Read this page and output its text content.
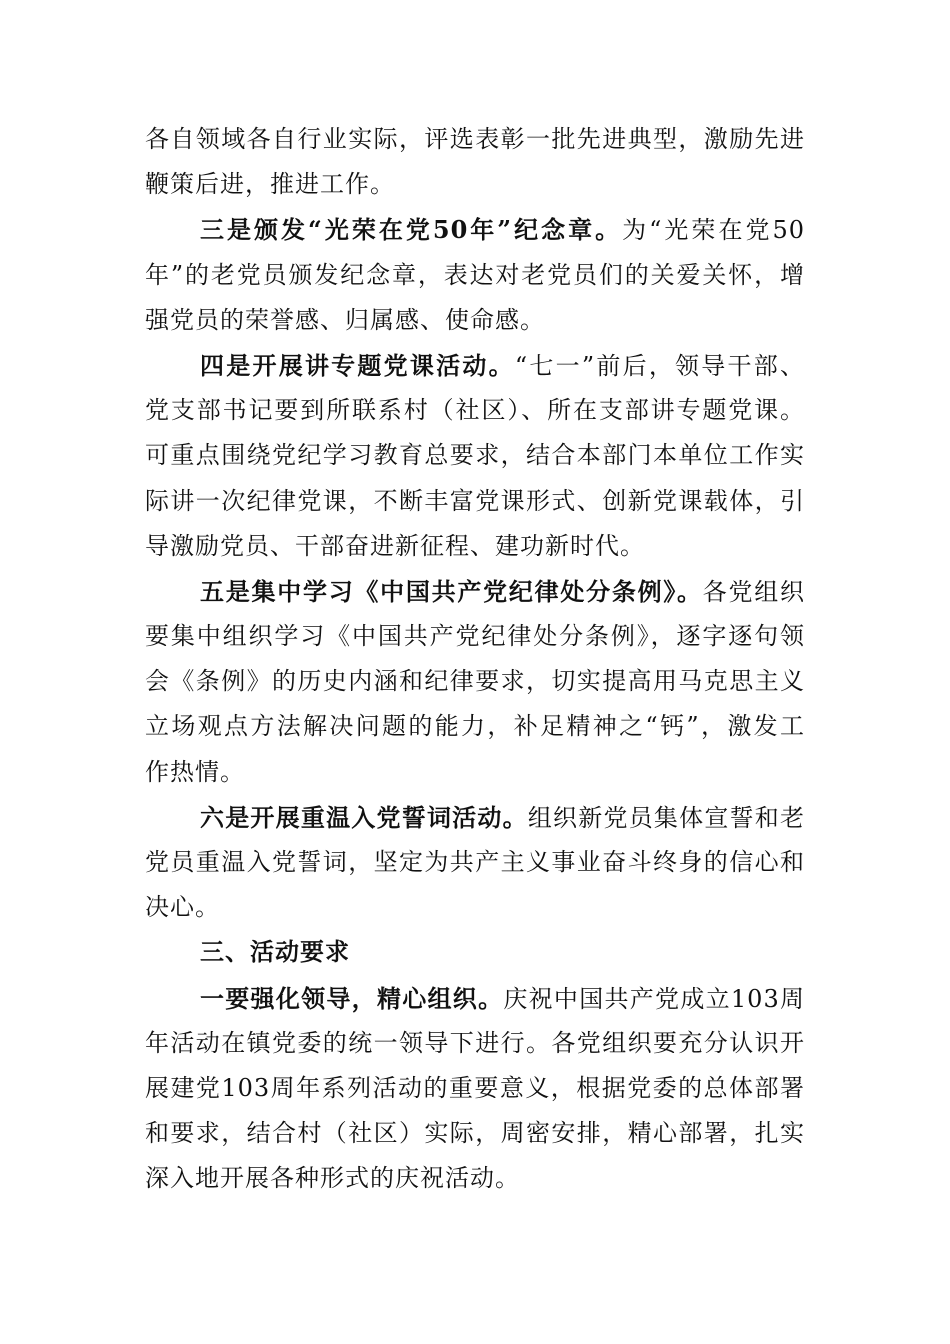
各自领域各自行业实际，评选表彰一批先进典型，激励先进
鞭策后进，推进工作。
三是颁发“光荣在党50年”纪念章。为“光荣在党50
年”的老党员颁发纪念章，表达对老党员们的关爱关怀，增
强党员的荣誉感、归属感、使命感。
四是开展讲专题党课活动。“七一”前后，领导干部、
党支部书记要到所联系村（社区）、所在支部讲专题党课。
可重点围绕党纪学习教育总要求，结合本部门本单位工作实
际讲一次纪律党课，不断丰富党课形式、创新党课载体，引
导激励党员、干部奋进新征程、建功新时代。
五是集中学习《中国共产党纪律处分条例》。各党组织
要集中组织学习《中国共产党纪律处分条例》，逐字逐句领
会《条例》的历史内涵和纪律要求，切实提高用马克思主义
立场观点方法解决问题的能力，补足精神之“钙”，激发工
作热情。
六是开展重温入党誓词活动。组织新党员集体宣誓和老
党员重温入党誓词，坚定为共产主义事业奋斗终身的信心和
决心。
三、活动要求
一要强化领导，精心组织。庆祝中国共产党成立103周
年活动在镇党委的统一领导下进行。各党组织要充分认识开
展建党103周年系列活动的重要意义，根据党委的总体部署
和要求，结合村（社区）实际，周密安排，精心部署，扎实
深入地开展各种形式的庆祝活动。
